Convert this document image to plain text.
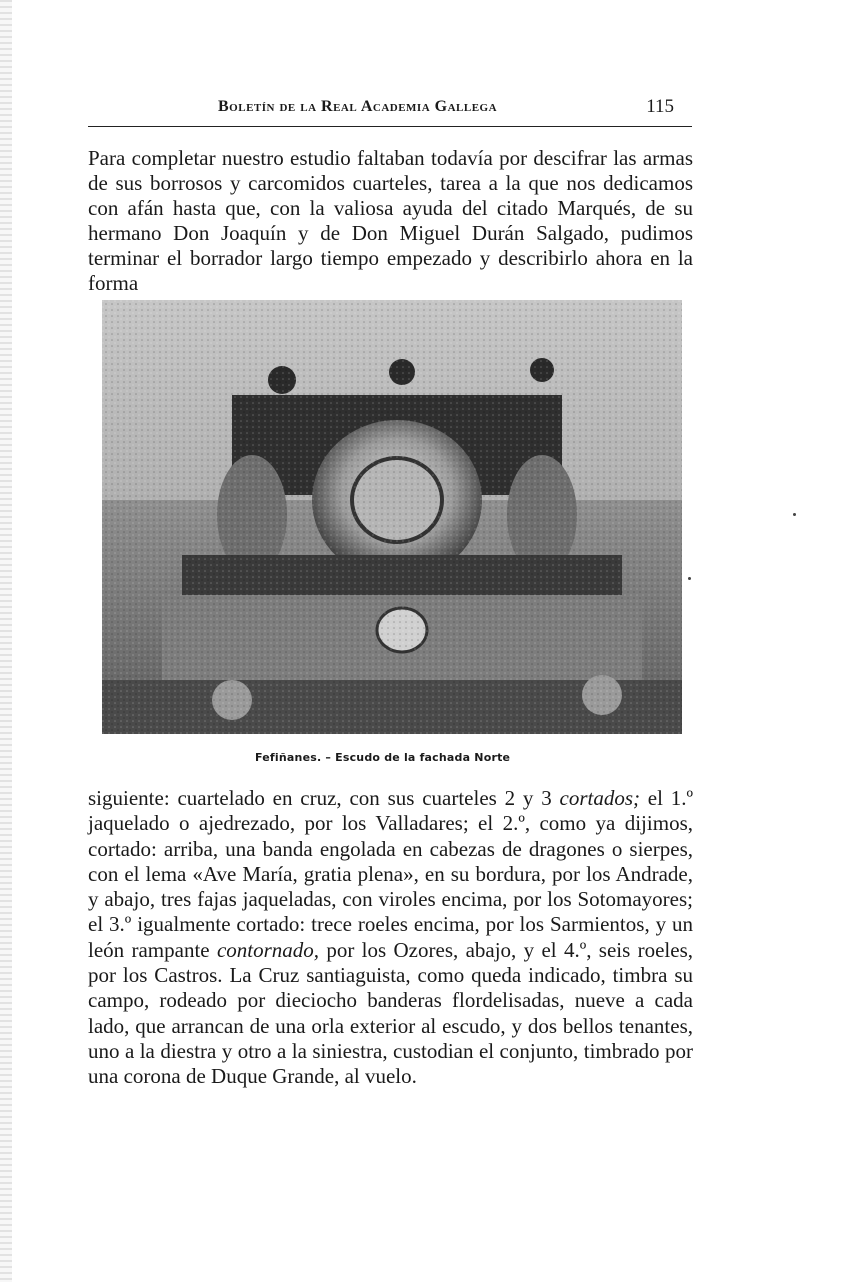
Boletín de la Real Academia Gallega	115

Para completar nuestro estudio faltaban todavía por descifrar las armas de sus borrosos y carcomidos cuarteles, tarea a la que nos dedicamos con afán hasta que, con la valiosa ayuda del citado Marqués, de su hermano Don Joaquín y de Don Miguel Durán Salgado, pudimos terminar el borrador largo tiempo empezado y describirlo ahora en la forma

Fefiñanes. – Escudo de la fachada Norte

siguiente: cuartelado en cruz, con sus cuarteles 2 y 3 cortados; el 1.º jaquelado o ajedrezado, por los Valladares; el 2.º, como ya dijimos, cortado: arriba, una banda engolada en cabezas de dragones o sierpes, con el lema «Ave María, gratia plena», en su bordura, por los Andrade, y abajo, tres fajas jaqueladas, con viroles encima, por los Sotomayores; el 3.º igualmente cortado: trece roeles encima, por los Sarmientos, y un león rampante contornado, por los Ozores, abajo, y el 4.º, seis roeles, por los Castros. La Cruz santiaguista, como queda indicado, timbra su campo, rodeado por dieciocho banderas flordelisadas, nueve a cada lado, que arrancan de una orla exterior al escudo, y dos bellos tenantes, uno a la diestra y otro a la siniestra, custodian el conjunto, timbrado por una corona de Duque Grande, al vuelo.
